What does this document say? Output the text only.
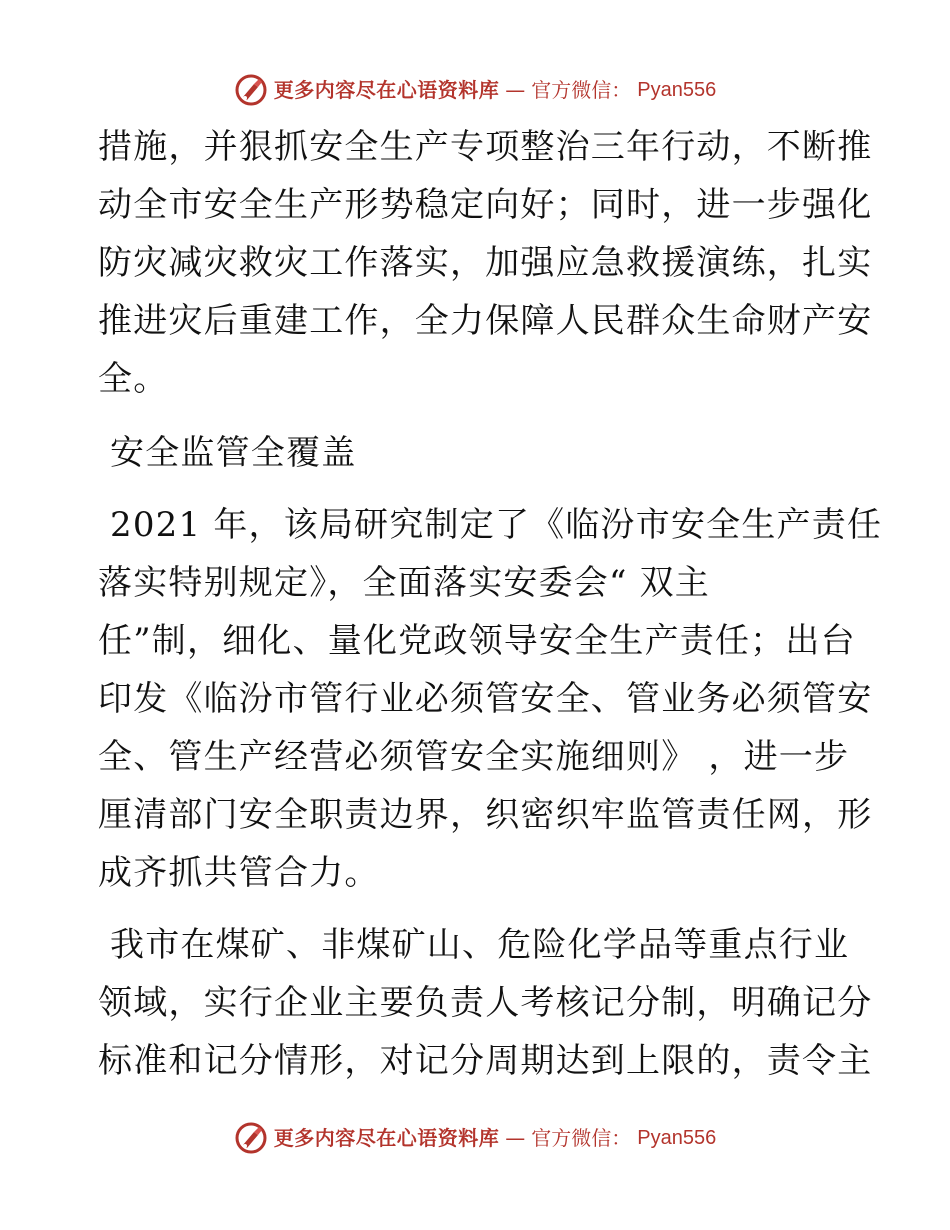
更多内容尽在心语资料库 — 官方微信： Pyan556

措施，并狠抓安全生产专项整治三年行动，不断推
动全市安全生产形势稳定向好；同时，进一步强化
防灾减灾救灾工作落实，加强应急救援演练，扎实
推进灾后重建工作，全力保障人民群众生命财产安
全。

安全监管全覆盖

2021 年，该局研究制定了《临汾市安全生产责任
落实特别规定》，全面落实安委会“ 双主
任”制，细化、量化党政领导安全生产责任；出台
印发《临汾市管行业必须管安全、管业务必须管安
全、管生产经营必须管安全实施细则》 ，进一步
厘清部门安全职责边界，织密织牢监管责任网，形
成齐抓共管合力。

我市在煤矿、非煤矿山、危险化学品等重点行业
领域，实行企业主要负责人考核记分制，明确记分
标准和记分情形，对记分周期达到上限的，责令主

更多内容尽在心语资料库 — 官方微信： Pyan556
